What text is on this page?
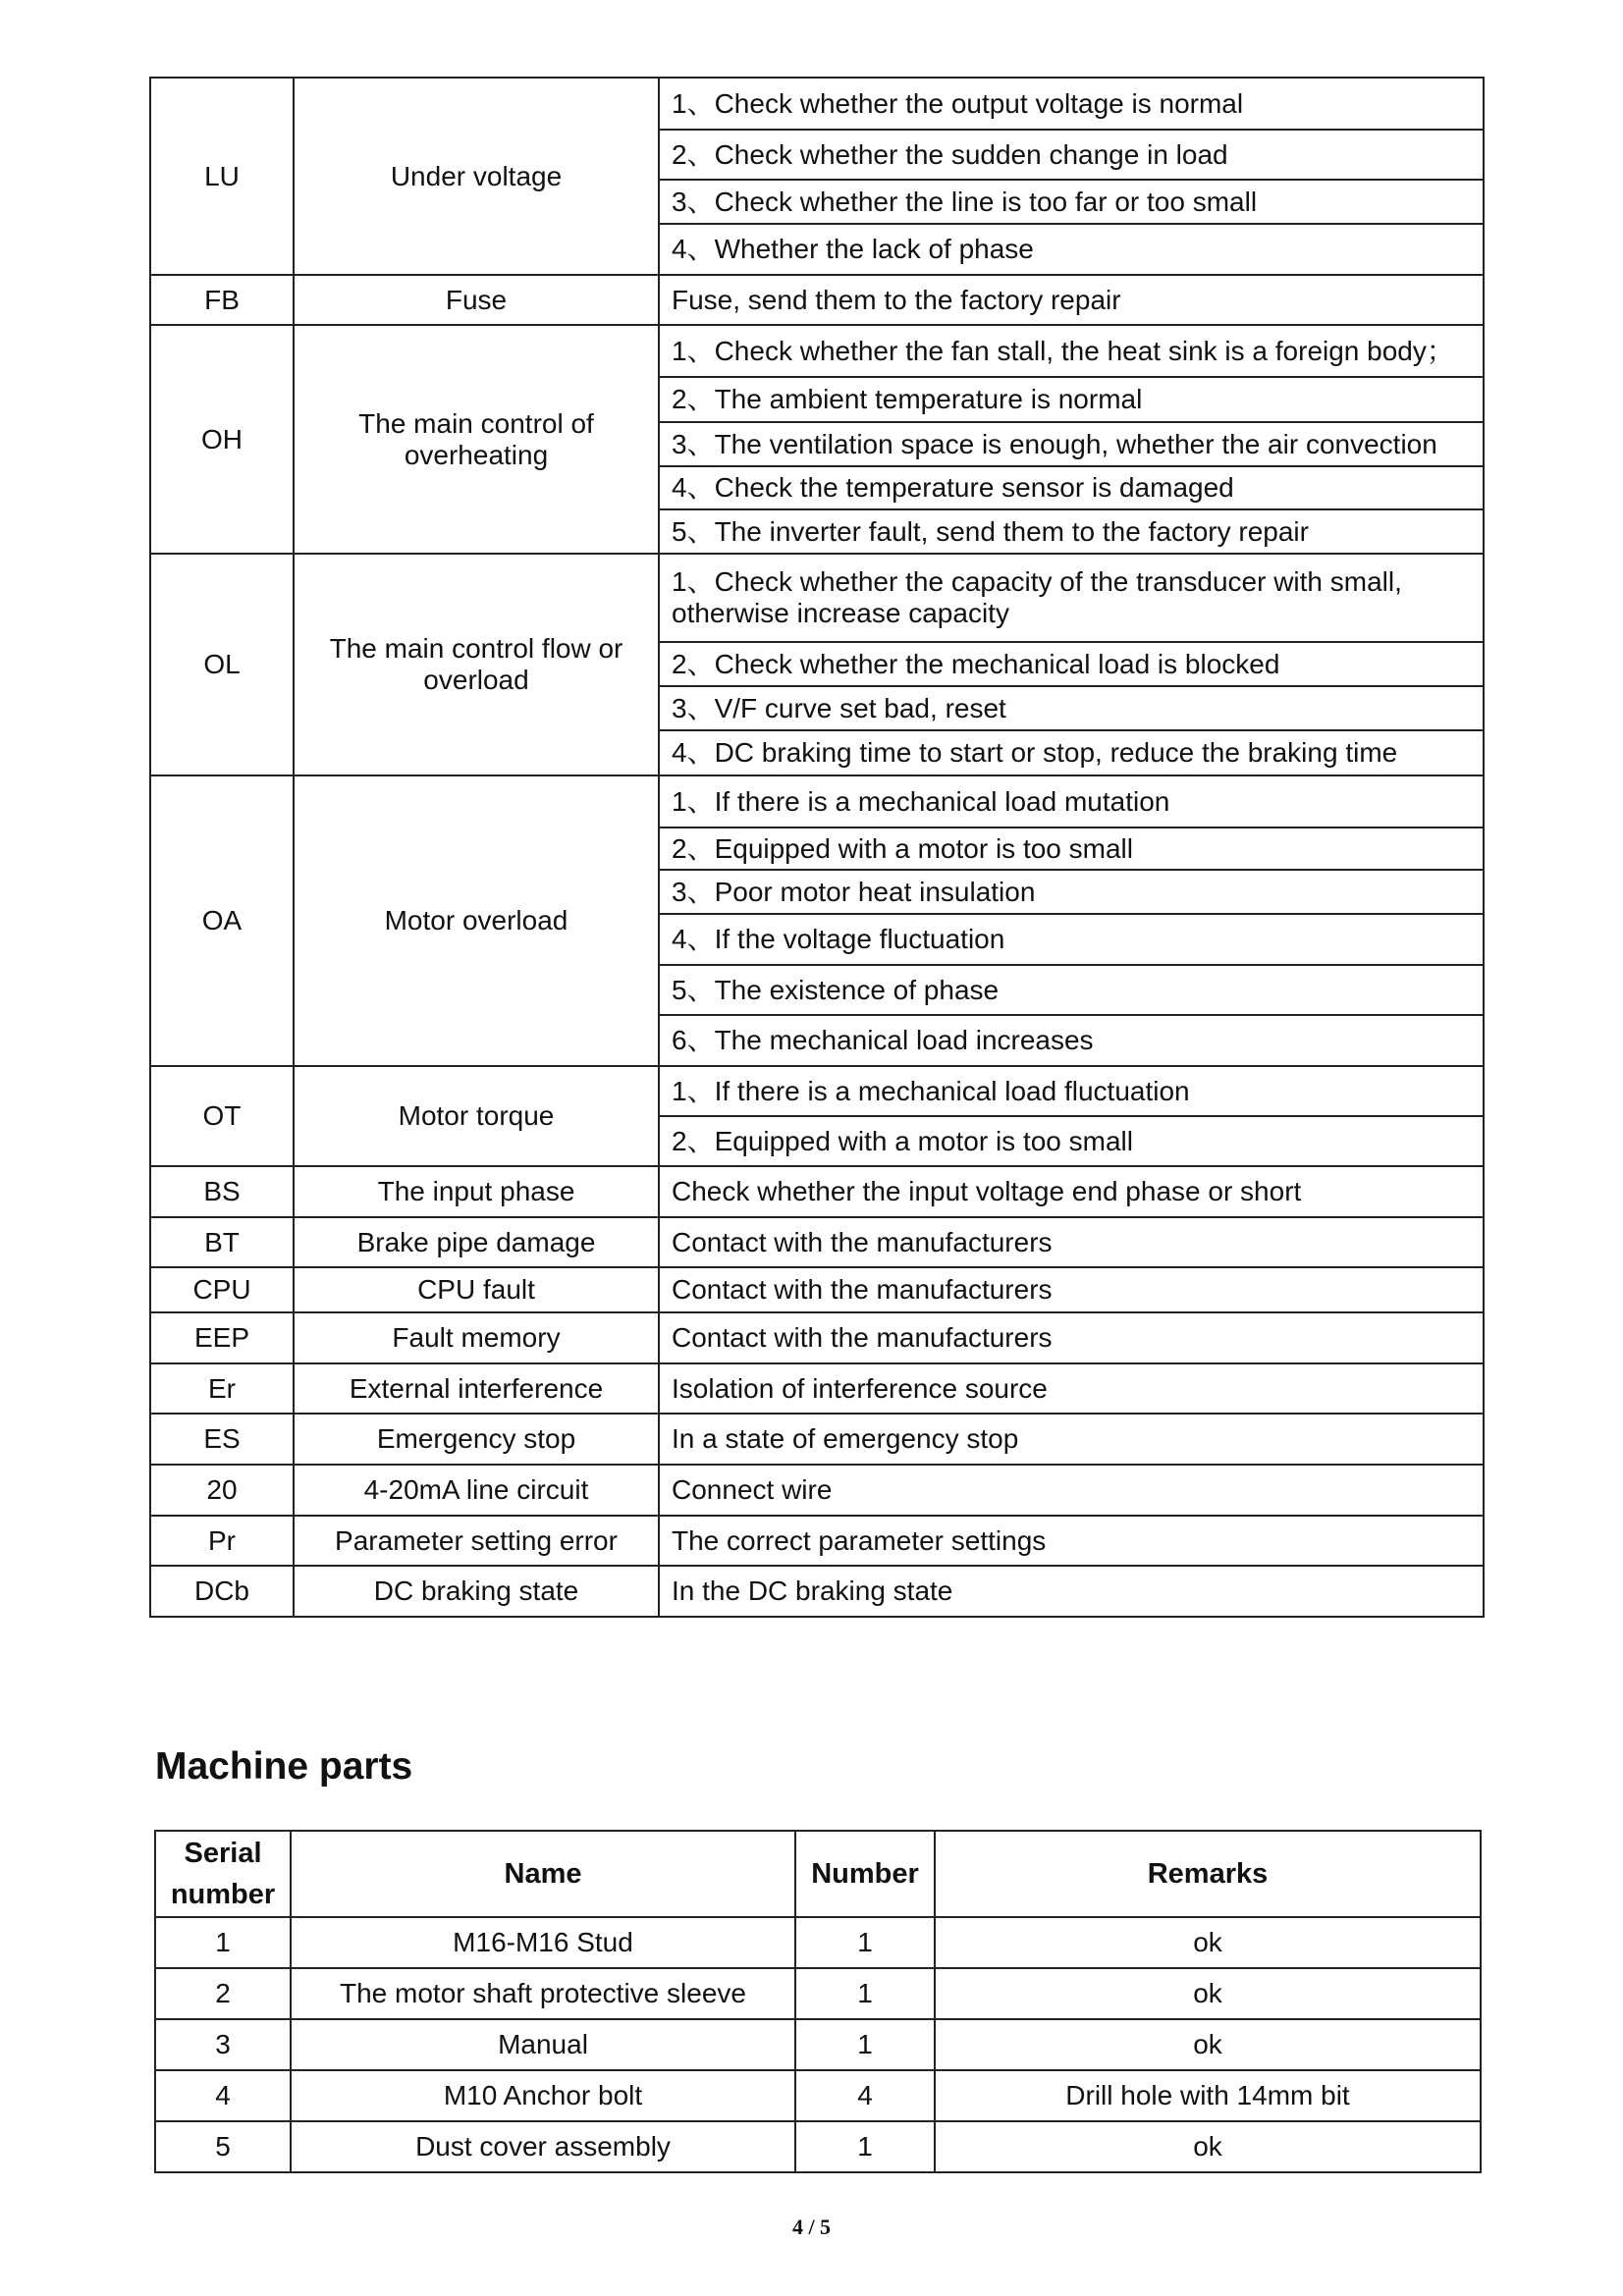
LU	Under voltage	1、Check whether the output voltage is normal
		2、Check whether the sudden change in load
		3、Check whether the line is too far or too small
		4、Whether the lack of phase
FB	Fuse	Fuse, send them to the factory repair
OH	The main control of overheating	1、Check whether the fan stall, the heat sink is a foreign body；
		2、The ambient temperature is normal
		3、The ventilation space is enough, whether the air convection
		4、Check the temperature sensor is damaged
		5、The inverter fault, send them to the factory repair
OL	The main control flow or overload	1、Check whether the capacity of the transducer with small, otherwise increase capacity
		2、Check whether the mechanical load is blocked
		3、V/F curve set bad, reset
		4、DC braking time to start or stop, reduce the braking time
OA	Motor overload	1、If there is a mechanical load mutation
		2、Equipped with a motor is too small
		3、Poor motor heat insulation
		4、If the voltage fluctuation
		5、The existence of phase
		6、The mechanical load increases
OT	Motor torque	1、If there is a mechanical load fluctuation
		2、Equipped with a motor is too small
BS	The input phase	Check whether the input voltage end phase or short
BT	Brake pipe damage	Contact with the manufacturers
CPU	CPU fault	Contact with the manufacturers
EEP	Fault memory	Contact with the manufacturers
Er	External interference	Isolation of interference source
ES	Emergency stop	In a state of emergency stop
20	4-20mA line circuit	Connect wire
Pr	Parameter setting error	The correct parameter settings
DCb	DC braking state	In the DC braking state
Machine parts
Serial number	Name	Number	Remarks
1	M16-M16 Stud	1	ok
2	The motor shaft protective sleeve	1	ok
3	Manual	1	ok
4	M10 Anchor bolt	4	Drill hole with 14mm bit
5	Dust cover assembly	1	ok
4 / 5
